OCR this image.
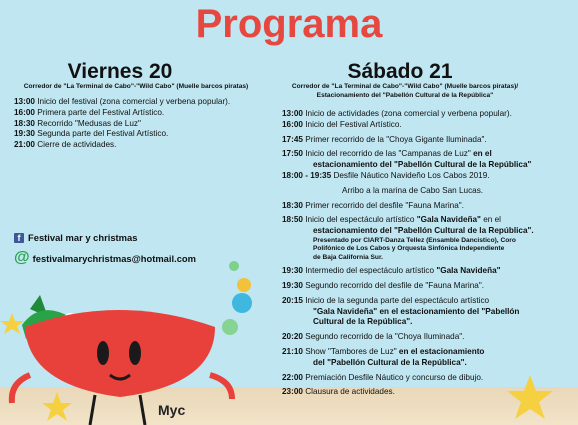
Programa
Viernes 20
Corredor de "La Terminal de Cabo"-"Wild Cabo" (Muelle barcos piratas)
13:00 Inicio del festival (zona comercial y verbena popular).
16:00 Primera parte del Festival Artístico.
18:30 Recorrido "Medusas de Luz"
19:30 Segunda parte del Festival Artístico.
21:00 Cierre de actividades.
f Festival mar y christmas
@ festivalmarychristmas@hotmail.com
Sábado 21
Corredor de "La Terminal de Cabo"-"Wild Cabo" (Muelle barcos piratas)/
Estacionamiento del "Pabellón Cultural de la República"
13:00 Inicio de actividades (zona comercial y verbena popular).
16:00 Inicio del Festival Artístico.
17:45 Primer recorrido de la "Choya Gigante Iluminada".
17:50 Inicio del recorrido de las "Campanas de Luz" en el
estacionamiento del "Pabellón Cultural de la República"
18:00 - 19:35 Desfile Náutico Navideño Los Cabos 2019.
Arribo a la marina de Cabo San Lucas.
18:30 Primer recorrido del desfile "Fauna Marina".
18:50 Inicio del espectáculo artístico "Gala Navideña" en el
estacionamiento del "Pabellón Cultural de la República".
Presentado por CIART-Danza Tellez (Ensamble Dancistico), Coro
Polifónico de Los Cabos y Orquesta Sinfónica Independiente
de Baja California Sur.
19:30 Intermedio del espectáculo artístico "Gala Navideña"
19:30 Segundo recorrido del desfile de "Fauna Marina".
20:15 Inicio de la segunda parte del espectáculo artístico
"Gala Navideña" en el estacionamiento del "Pabellón
Cultural de la República".
20:20 Segundo recorrido de la "Choya Iluminada".
21:10 Show "Tambores de Luz" en el estacionamiento
del "Pabellón Cultural de la República".
22:00 Premiación Desfile Náutico y concurso de dibujo.
23:00 Clausura de actividades.
Myc
